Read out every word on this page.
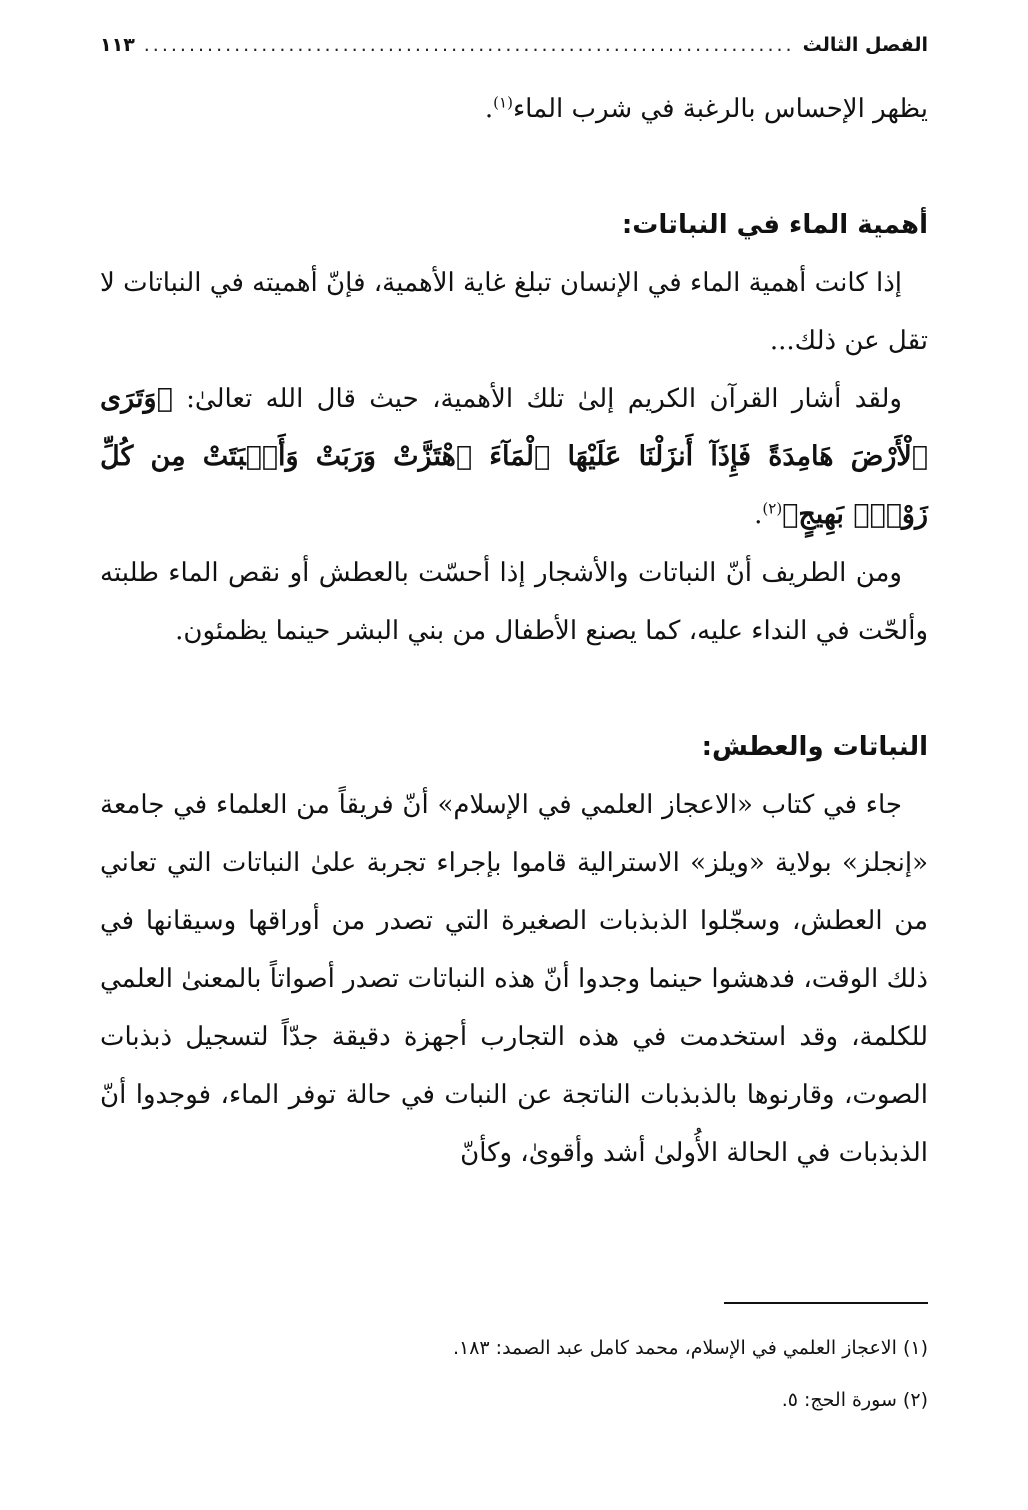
الفصل الثالث
.....
١١٣

يظهر الإحساس بالرغبة في شرب الماء$^{(١)}$.

أهمية الماء في النباتات:

إذا كانت أهمية الماء في الإنسان تبلغ غاية الأهمية، فإنّ أهميته في النباتات لا تقل عن ذلك...

ولقد أشار القرآن الكريم إلىٰ تلك الأهمية، حيث قال الله تعالىٰ: ﴿وَتَرَى ٱلْأَرْضَ هَامِدَةً فَإِذَآ أَنزَلْنَا عَلَيْهَا ٱلْمَآءَ ٱهْتَزَّتْ وَرَبَتْ وَأَنۢبَتَتْ مِن كُلِّ زَوْجٍۭ بَهِيجٍ﴾$^{(٢)}$.

ومن الطريف أنّ النباتات والأشجار إذا أحسّت بالعطش أو نقص الماء طلبته وألحّت في النداء عليه، كما يصنع الأطفال من بني البشر حينما يظمئون.

النباتات والعطش:

جاء في كتاب «الاعجاز العلمي في الإسلام» أنّ فريقاً من العلماء في جامعة «إنجلز» بولاية «ويلز» الاسترالية قاموا بإجراء تجربة علىٰ النباتات التي تعاني من العطش، وسجّلوا الذبذبات الصغيرة التي تصدر من أوراقها وسيقانها في ذلك الوقت، فدهشوا حينما وجدوا أنّ هذه النباتات تصدر أصواتاً بالمعنىٰ العلمي للكلمة، وقد استخدمت في هذه التجارب أجهزة دقيقة جدّاً لتسجيل ذبذبات الصوت، وقارنوها بالذبذبات الناتجة عن النبات في حالة توفر الماء، فوجدوا أنّ الذبذبات في الحالة الأُولىٰ أشد وأقوىٰ، وكأنّ

(١) الاعجاز العلمي في الإسلام، محمد كامل عبد الصمد: ١٨٣.
(٢) سورة الحج: ٥.
